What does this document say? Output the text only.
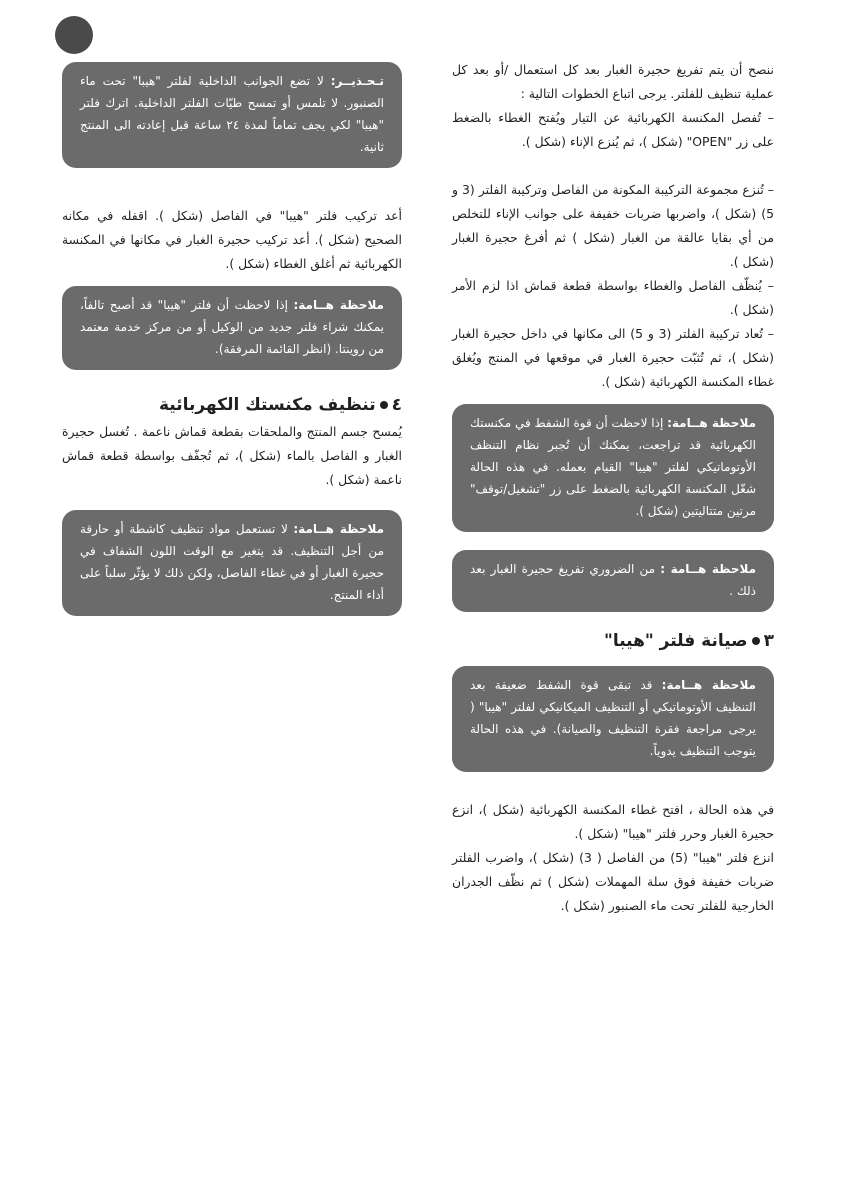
ننصح أن يتم تفريغ حجيرة الغبار بعد كل استعمال /أو بعد كل عملية تنظيف للفلتر. يرجى اتباع الخطوات التالية :

– تُفصل المكنسة الكهربائية عن التيار ويُفتح الغطاء بالضغط على زر "OPEN" (شكل )، ثم يُنزع الإناء (شكل ).

– تُنزع مجموعة التركيبة المكونة من الفاصل وتركيبة الفلتر (3 و 5) (شكل )، واضربها ضربات خفيفة على جوانب الإناء للتخلص من أي بقايا عالقة من الغبار (شكل ) ثم أفرغ حجيرة الغبار (شكل ).

– يُنظّف الفاصل والغطاء بواسطة قطعة قماش اذا لزم الأمر (شكل ).

– تُعاد تركيبة الفلتر (3 و 5) الى مكانها في داخل حجيرة الغبار (شكل )، ثم تُثبّت حجيرة الغبار في موقعها في المنتج ويُغلق غطاء المكنسة الكهربائية (شكل ).

ملاحظة هــامة: إذا لاحظت أن قوة الشفط في مكنستك الكهربائية قد تراجعت، يمكنك أن تُجبر نظام التنظف الأوتوماتيكي لفلتر "هيبا" القيام بعمله. في هذه الحالة شغّل المكنسة الكهربائية بالضغط على زر "تشغيل/توقف" مرتين متتاليتين (شكل ).
ملاحظة هــامة : من الضروري تفريغ حجيرة الغبار بعد ذلك .
٣صيانة فلتر "هيبا"
ملاحظة هــامة: قد تبقى قوة الشفط ضعيفة بعد التنظيف الأوتوماتيكي أو التنظيف الميكانيكي لفلتر "هيبا" ( يرجى مراجعة فقرة التنظيف والصيانة). في هذه الحالة يتوجب التنظيف يدوياً.

في هذه الحالة ، افتح غطاء المكنسة الكهربائية (شكل )، انزع حجيرة الغبار وحرر فلتر "هيبا" (شكل ).

انزع فلتر "هيبا" (5) من الفاصل ( 3) (شكل )، واضرب الفلتر ضربات خفيفة فوق سلة المهملات (شكل ) ثم نظّف الجدران الخارجية للفلتر تحت ماء الصنبور (شكل ).

تـحـذيــر: لا تضع الجوانب الداخلية لفلتر "هيبا" تحت ماء الصنبور. لا تلمس أو تمسح طيّات الفلتر الداخلية. اترك فلتر "هيبا" لكي يجف تماماً لمدة ٢٤ ساعة قبل إعادته الى المنتج ثانية.

أعد تركيب فلتر "هيبا" في الفاصل (شكل ). اقفله في مكانه الصحيح (شكل ). أعد تركيب حجيرة الغبار في مكانها في المكنسة الكهربائية ثم أغلق الغطاء (شكل ).

ملاحظة هــامة: إذا لاحظت أن فلتر "هيبا" قد أصبح تالفاً، يمكنك شراء فلتر جديد من الوكيل أو من مركز خدمة معتمد من روينتا. (انظر القائمة المرفقة).
٤تنظيف مكنستك الكهربائية

يُمسح جسم المنتج والملحقات بقطعة قماش ناعمة . تُغسل حجيرة الغبار و الفاصل بالماء (شكل )، ثم تُجفّف بواسطة قطعة قماش ناعمة (شكل ).

ملاحظة هــامة: لا تستعمل مواد تنظيف كاشطة أو حارقة من أجل التنظيف. قد يتغير مع الوقت اللون الشفاف في حجيرة الغبار أو في غطاء الفاصل، ولكن ذلك لا يؤثّر سلباً على أداء المنتج.
